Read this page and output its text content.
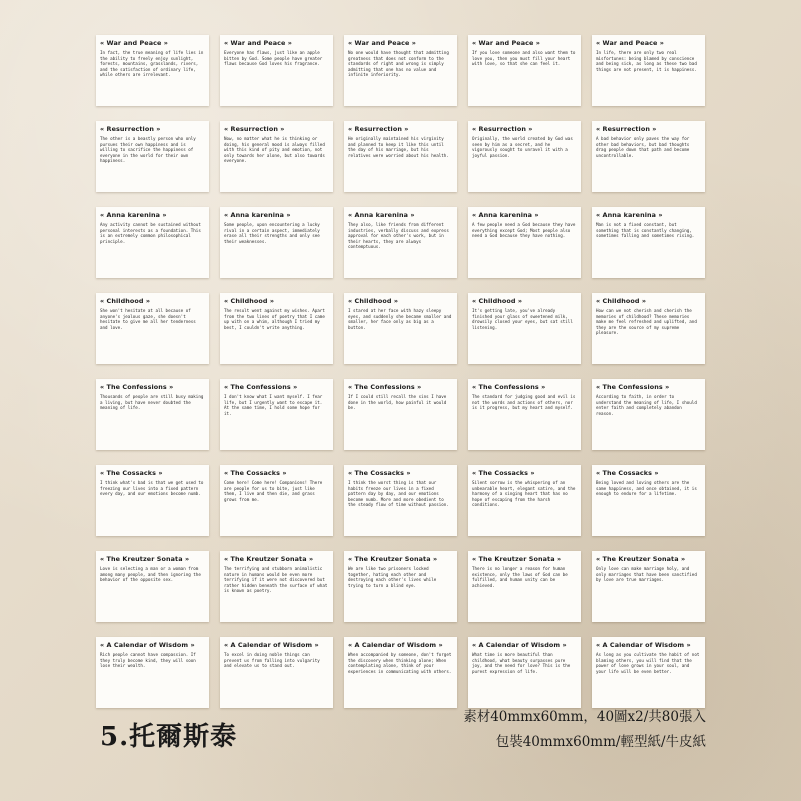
« War and Peace »
In fact, the true meaning of life lies in the ability to freely enjoy sunlight, forests, mountains, grasslands, rivers, and the satisfaction of ordinary life, while others are irrelevant.
« War and Peace »
Everyone has flaws, just like an apple bitten by God. Some people have greater flaws because God loves his fragrance.
« War and Peace »
No one would have thought that admitting greatness that does not conform to the standards of right and wrong is simply admitting that one has no value and infinite inferiority.
« War and Peace »
If you love someone and also want them to love you, then you must fill your heart with love, so that she can feel it.
« War and Peace »
In life, there are only two real misfortunes: being blamed by conscience and being sick, as long as these two bad things are not present, it is happiness.
« Resurrection »
The other is a beastly person who only pursues their own happiness and is willing to sacrifice the happiness of everyone in the world for their own happiness.
« Resurrection »
Now, no matter what he is thinking or doing, his general mood is always filled with this kind of pity and emotion, not only towards her alone, but also towards everyone.
« Resurrection »
He originally maintained his virginity and planned to keep it like this until the day of his marriage, but his relatives were worried about his health.
« Resurrection »
Originally, the world created by God was seen by him as a secret, and he vigorously sought to unravel it with a joyful passion.
« Resurrection »
A bad behavior only paves the way for other bad behaviors, but bad thoughts drag people down that path and become uncontrollable.
« Anna karenina »
Any activity cannot be sustained without personal interests as a foundation. This is an extremely common philosophical principle.
« Anna karenina »
Some people, upon encountering a lucky rival in a certain aspect, immediately erase all their strengths and only see their weaknesses.
« Anna karenina »
They also, like friends from different industries, verbally discuss and express approval for each other's work, but in their hearts, they are always contemptuous.
« Anna karenina »
A few people need a God because they have everything except God; Most people also need a God because they have nothing.
« Anna karenina »
Man is not a fixed constant, but something that is constantly changing, sometimes falling and sometimes rising.
« Childhood »
She won't hesitate at all because of anyone's jealous gaze, she doesn't hesitate to give me all her tenderness and love.
« Childhood »
The result went against my wishes. Apart from the two lines of poetry that I came up with on a whim, although I tried my best, I couldn't write anything.
« Childhood »
I stared at her face with hazy sleepy eyes, and suddenly she became smaller and smaller, her face only as big as a button.
« Childhood »
It's getting late, you've already finished your glass of sweetened milk, drowsily closed your eyes, but sat still listening.
« Childhood »
How can we not cherish and cherish the memories of childhood? These memories make me feel refreshed and uplifted, and they are the source of my supreme pleasure.
« The Confessions »
Thousands of people are still busy making a living, but have never doubted the meaning of life.
« The Confessions »
I don't know what I want myself. I fear life, but I urgently want to escape it. At the same time, I hold some hope for it.
« The Confessions »
If I could still recall the sins I have done in the world, how painful it would be.
« The Confessions »
The standard for judging good and evil is not the words and actions of others, nor is it progress, but my heart and myself.
« The Confessions »
According to faith, in order to understand the meaning of life, I should enter faith and completely abandon reason.
« The Cossacks »
I think what's bad is that we get used to freezing our lives into a fixed pattern every day, and our emotions become numb.
« The Cossacks »
Come here! Come here! Companions! There are people for us to bite, just like them, I live and then die, and grass grows from me.
« The Cossacks »
I think the worst thing is that our habits freeze our lives in a fixed pattern day by day, and our emotions become numb. More and more obedient to the steady flow of time without passion.
« The Cossacks »
Silent sorrow is the whispering of an unbearable heart, elegant satire, and the harmony of a singing heart that has no hope of escaping from the harsh conditions.
« The Cossacks »
Being loved and loving others are the same happiness, and once obtained, it is enough to endure for a lifetime.
« The Kreutzer Sonata »
Love is selecting a man or a woman from among many people, and then ignoring the behavior of the opposite sex.
« The Kreutzer Sonata »
The terrifying and stubborn animalistic nature in humans would be even more terrifying if it were not discovered but rather hidden beneath the surface of what is known as poetry.
« The Kreutzer Sonata »
We are like two prisoners locked together, hating each other and destroying each other's lives while trying to turn a blind eye.
« The Kreutzer Sonata »
There is no longer a reason for human existence, only the laws of God can be fulfilled, and human unity can be achieved.
« The Kreutzer Sonata »
Only love can make marriage holy, and only marriages that have been sanctified by love are true marriages.
« A Calendar of Wisdom »
Rich people cannot have compassion. If they truly become kind, they will soon lose their wealth.
« A Calendar of Wisdom »
To excel in doing noble things can prevent us from falling into vulgarity and elevate us to stand out.
« A Calendar of Wisdom »
When accompanied by someone, don't forget the discovery when thinking alone; When contemplating alone, think of your experiences in communicating with others.
« A Calendar of Wisdom »
What time is more beautiful than childhood, what beauty surpasses pure joy, and the need for love? This is the purest expression of life.
« A Calendar of Wisdom »
As long as you cultivate the habit of not blaming others, you will find that the power of love grows in your soul, and your life will be even better.
5.托爾斯泰
素材40mmx60mm，40圖x2/共80張入
包裝40mmx60mm/輕型紙/牛皮紙
